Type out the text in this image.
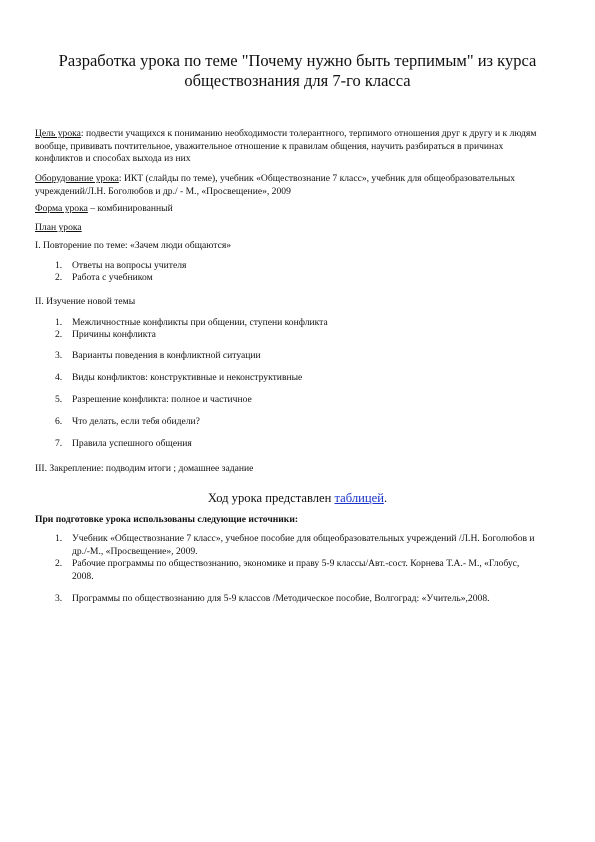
Разработка урока по теме "Почему нужно быть терпимым" из курса
обществознания для 7-го класса

Цель урока: подвести учащихся к пониманию необходимости толерантного, терпимого отношения друг к другу и к людям
вообще, прививать почтительное, уважительное отношение к правилам общения, научить разбираться в причинах
конфликтов и способах выхода из них

Оборудование урока: ИКТ (слайды по теме), учебник «Обществознание 7 класс», учебник для общеобразовательных
учреждений/Л.Н. Боголюбов и др./ - М., «Просвещение», 2009

Форма урока – комбинированный

План урока

I. Повторение по теме: «Зачем люди общаются»

1.	Ответы на вопросы учителя
2.	Работа с учебником

II. Изучение новой темы

1.	Межличностные конфликты при общении, ступени конфликта
2.	Причины конфликта
3.	Варианты поведения в конфликтной ситуации
4.	Виды конфликтов: конструктивные и неконструктивные
5.	Разрешение конфликта: полное и частичное
6.	Что делать, если тебя обидели?
7.	Правила успешного общения

III. Закрепление: подводим итоги ; домашнее задание

Ход урока представлен таблицей.

При подготовке урока использованы следующие источники:

1.	Учебник «Обществознание 7 класс», учебное пособие для общеобразовательных учреждений /Л.Н. Боголюбов и
др./-М., «Просвещение», 2009.
2.	Рабочие программы по обществознанию, экономике и праву 5-9 классы/Авт.-сост. Корнева Т.А.- М., «Глобус,
2008.
3.	Программы по обществознанию для 5-9 классов /Методическое пособие, Волгоград: «Учитель»,2008.
